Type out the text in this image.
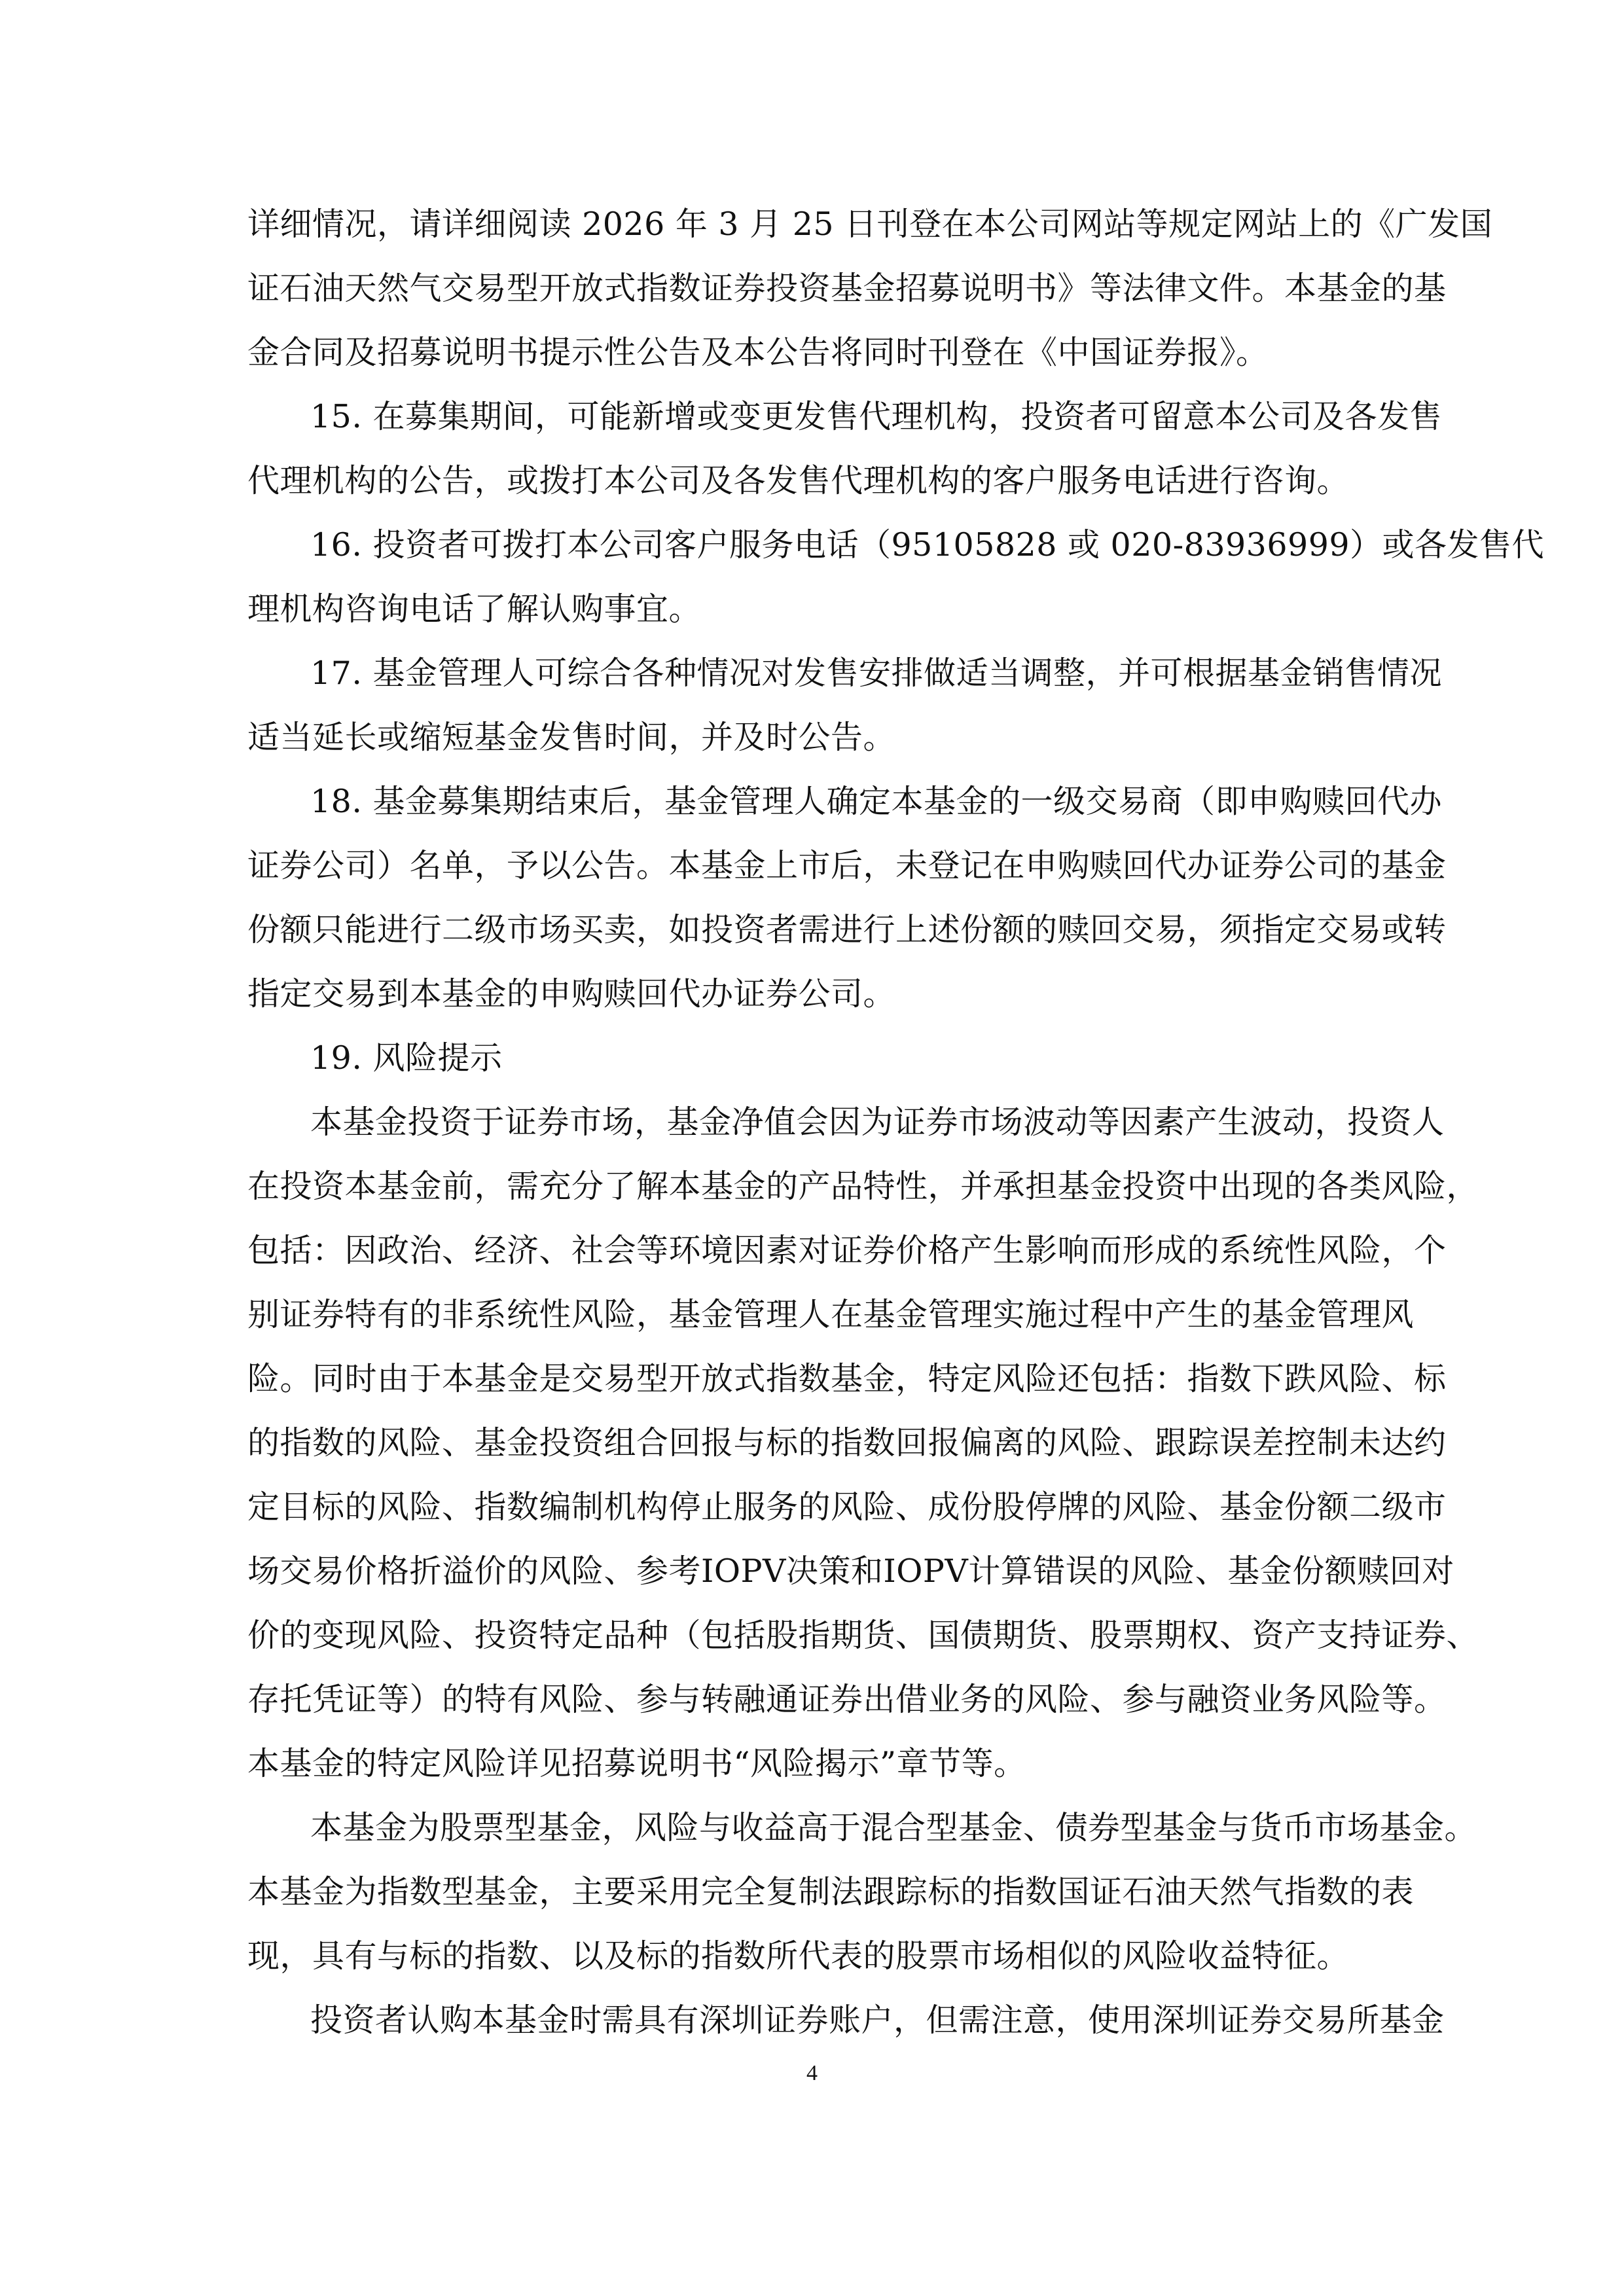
详细情况，请详细阅读 2026 年 3 月 25 日刊登在本公司网站等规定网站上的《广发国
证石油天然气交易型开放式指数证券投资基金招募说明书》等法律文件。本基金的基
金合同及招募说明书提示性公告及本公告将同时刊登在《中国证券报》。
15. 在募集期间，可能新增或变更发售代理机构，投资者可留意本公司及各发售
代理机构的公告，或拨打本公司及各发售代理机构的客户服务电话进行咨询。
16. 投资者可拨打本公司客户服务电话（95105828 或 020-83936999）或各发售代
理机构咨询电话了解认购事宜。
17. 基金管理人可综合各种情况对发售安排做适当调整，并可根据基金销售情况
适当延长或缩短基金发售时间，并及时公告。
18. 基金募集期结束后，基金管理人确定本基金的一级交易商（即申购赎回代办
证券公司）名单，予以公告。本基金上市后，未登记在申购赎回代办证券公司的基金
份额只能进行二级市场买卖，如投资者需进行上述份额的赎回交易，须指定交易或转
指定交易到本基金的申购赎回代办证券公司。
19. 风险提示
本基金投资于证券市场，基金净值会因为证券市场波动等因素产生波动，投资人
在投资本基金前，需充分了解本基金的产品特性，并承担基金投资中出现的各类风险，
包括：因政治、经济、社会等环境因素对证券价格产生影响而形成的系统性风险，个
别证券特有的非系统性风险，基金管理人在基金管理实施过程中产生的基金管理风
险。同时由于本基金是交易型开放式指数基金，特定风险还包括：指数下跌风险、标
的指数的风险、基金投资组合回报与标的指数回报偏离的风险、跟踪误差控制未达约
定目标的风险、指数编制机构停止服务的风险、成份股停牌的风险、基金份额二级市
场交易价格折溢价的风险、参考IOPV决策和IOPV计算错误的风险、基金份额赎回对
价的变现风险、投资特定品种（包括股指期货、国债期货、股票期权、资产支持证券、
存托凭证等）的特有风险、参与转融通证券出借业务的风险、参与融资业务风险等。
本基金的特定风险详见招募说明书“风险揭示”章节等。
本基金为股票型基金，风险与收益高于混合型基金、债券型基金与货币市场基金。
本基金为指数型基金，主要采用完全复制法跟踪标的指数国证石油天然气指数的表
现，具有与标的指数、以及标的指数所代表的股票市场相似的风险收益特征。
投资者认购本基金时需具有深圳证券账户，但需注意，使用深圳证券交易所基金
4
